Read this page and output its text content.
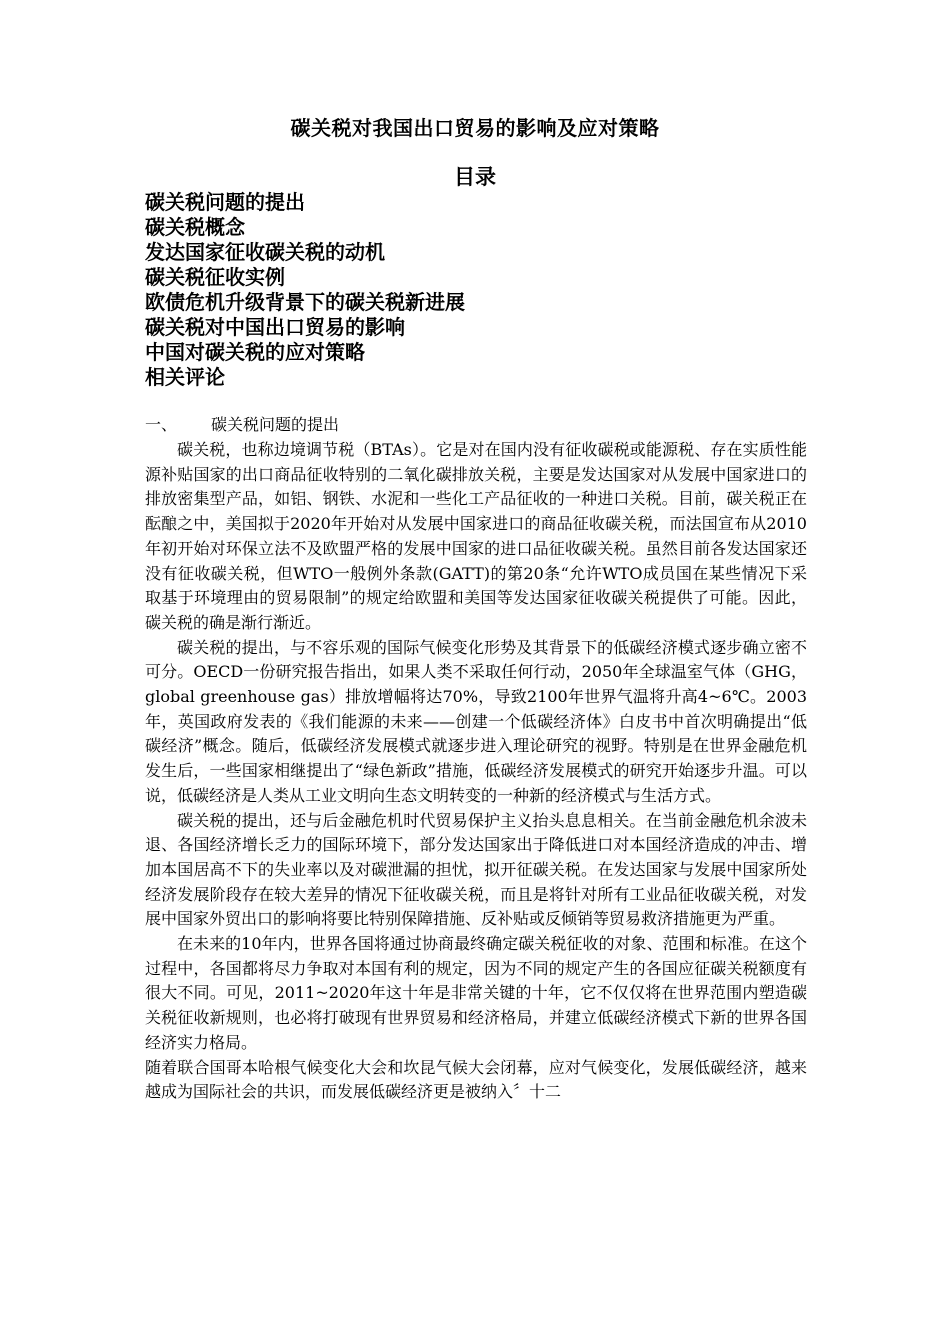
碳关税对我国出口贸易的影响及应对策略
目录
碳关税问题的提出
碳关税概念
发达国家征收碳关税的动机
碳关税征收实例
欧债危机升级背景下的碳关税新进展
碳关税对中国出口贸易的影响
中国对碳关税的应对策略
相关评论
一、 碳关税问题的提出

碳关税，也称边境调节税（BTAs）。它是对在国内没有征收碳税或能源税、存在实质性能源补贴国家的出口商品征收特别的二氧化碳排放关税，主要是发达国家对从发展中国家进口的排放密集型产品，如铝、钢铁、水泥和一些化工产品征收的一种进口关税。目前，碳关税正在酝酿之中，美国拟于2020年开始对从发展中国家进口的商品征收碳关税，而法国宣布从2010年初开始对环保立法不及欧盟严格的发展中国家的进口品征收碳关税。虽然目前各发达国家还没有征收碳关税，但WTO一般例外条款(GATT)的第20条“允许WTO成员国在某些情况下采取基于环境理由的贸易限制”的规定给欧盟和美国等发达国家征收碳关税提供了可能。因此，碳关税的确是渐行渐近。

碳关税的提出，与不容乐观的国际气候变化形势及其背景下的低碳经济模式逐步确立密不可分。OECD一份研究报告指出，如果人类不采取任何行动，2050年全球温室气体（GHG，global greenhouse gas）排放增幅将达70%，导致2100年世界气温将升高4~6℃。2003年，英国政府发表的《我们能源的未来——创建一个低碳经济体》白皮书中首次明确提出“低碳经济”概念。随后，低碳经济发展模式就逐步进入理论研究的视野。特别是在世界金融危机发生后，一些国家相继提出了“绿色新政”措施，低碳经济发展模式的研究开始逐步升温。可以说，低碳经济是人类从工业文明向生态文明转变的一种新的经济模式与生活方式。

碳关税的提出，还与后金融危机时代贸易保护主义抬头息息相关。在当前金融危机余波未退、各国经济增长乏力的国际环境下，部分发达国家出于降低进口对本国经济造成的冲击、增加本国居高不下的失业率以及对碳泄漏的担忧，拟开征碳关税。在发达国家与发展中国家所处经济发展阶段存在较大差异的情况下征收碳关税，而且是将针对所有工业品征收碳关税，对发展中国家外贸出口的影响将要比特别保障措施、反补贴或反倾销等贸易救济措施更为严重。

在未来的10年内，世界各国将通过协商最终确定碳关税征收的对象、范围和标准。在这个过程中，各国都将尽力争取对本国有利的规定，因为不同的规定产生的各国应征碳关税额度有很大不同。可见，2011~2020年这十年是非常关键的十年，它不仅仅将在世界范围内塑造碳关税征收新规则，也必将打破现有世界贸易和经济格局，并建立低碳经济模式下新的世界各国经济实力格局。

随着联合国哥本哈根气候变化大会和坎昆气候大会闭幕，应对气候变化，发展低碳经济，越来越成为国际社会的共识，而发展低碳经济更是被纳入〞十二
